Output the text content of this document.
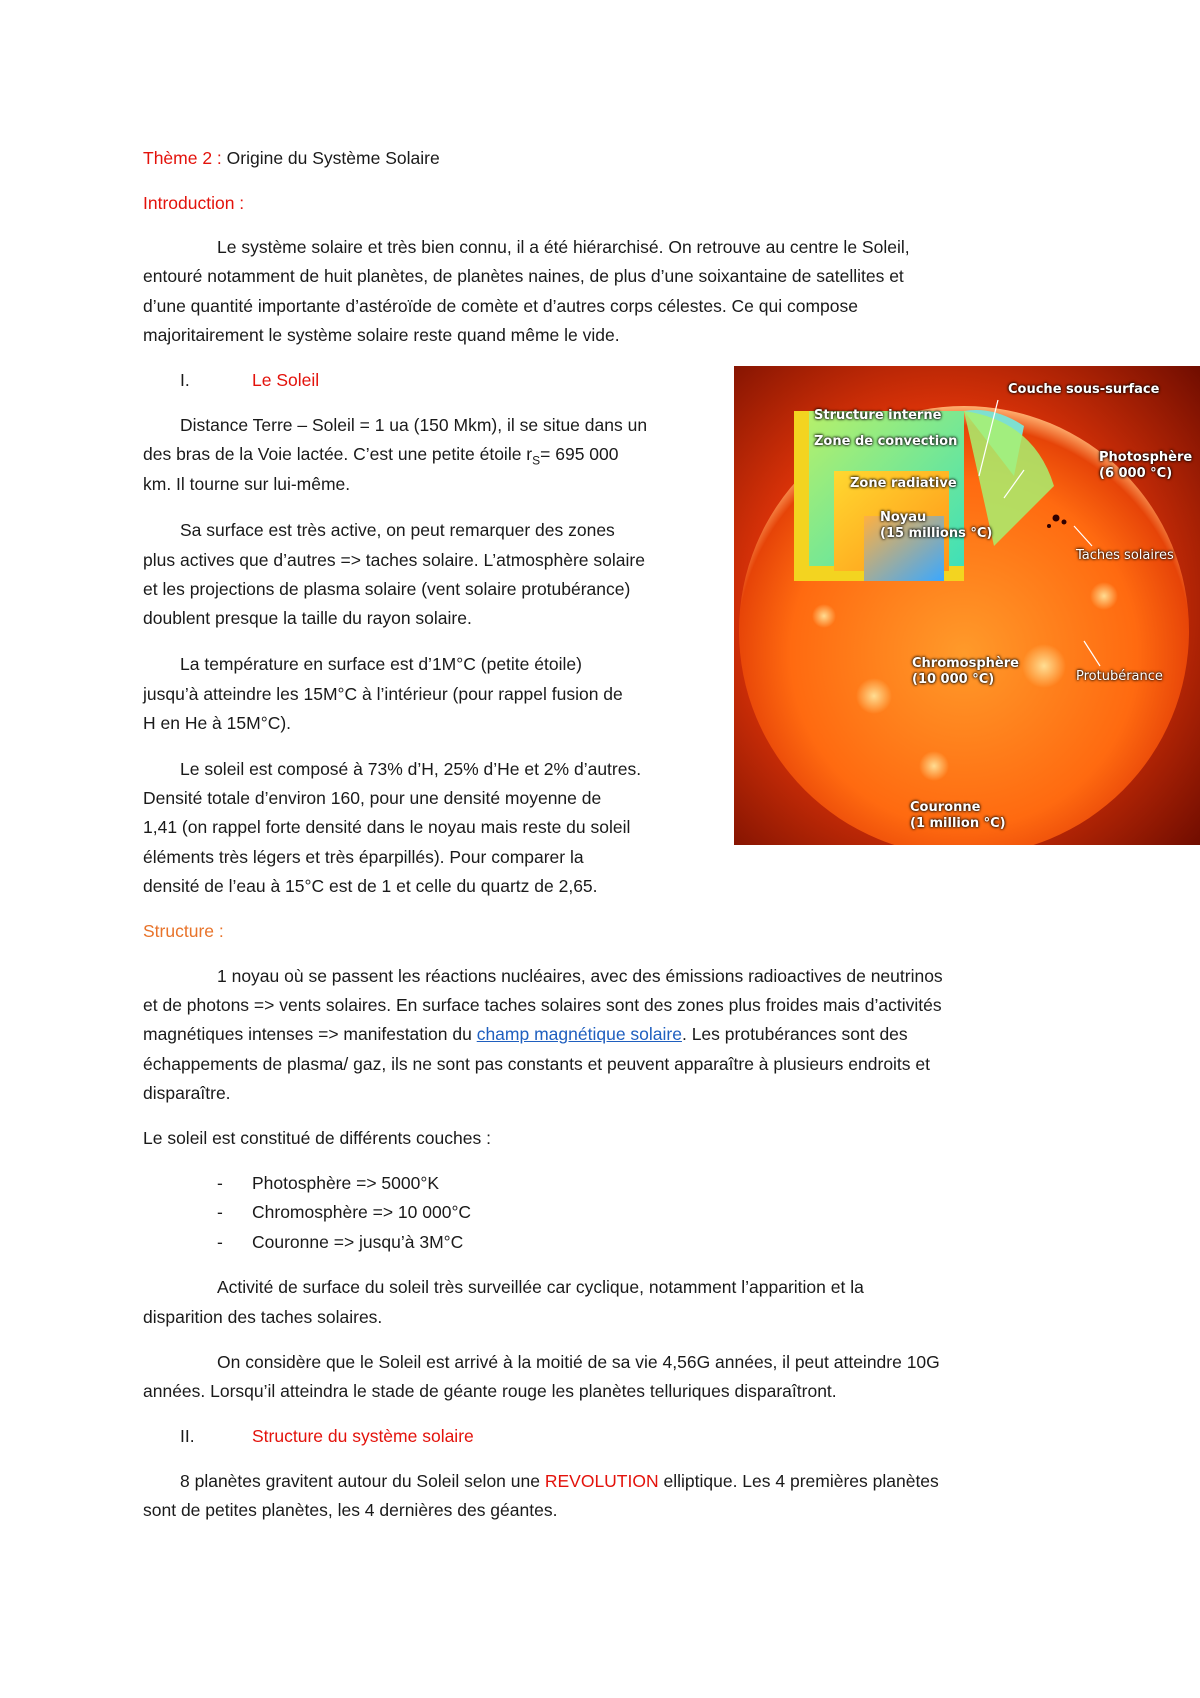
Thème 2 : Origine du Système Solaire
Introduction :
Le système solaire et très bien connu, il a été hiérarchisé. On retrouve au centre le Soleil,
entouré notamment de huit planètes, de planètes naines, de plus d’une soixantaine de satellites et
d’une quantité importante d’astéroïde de comète et d’autres corps célestes. Ce qui compose
majoritairement le système solaire reste quand même le vide.
I.	Le Soleil
Distance Terre – Soleil = 1 ua (150 Mkm), il se situe dans un
des bras de la Voie lactée. C’est une petite étoile $r_S= 695$ 000
km. Il tourne sur lui-même.
Sa surface est très active, on peut remarquer des zones
plus actives que d’autres => taches solaire. L’atmosphère solaire
et les projections de plasma solaire (vent solaire protubérance)
doublent presque la taille du rayon solaire.
La température en surface est d’1M°C (petite étoile)
jusqu’à atteindre les 15M°C à l’intérieur (pour rappel fusion de
H en He à 15M°C).
Le soleil est composé à 73% d’H, 25% d’He et 2% d’autres.
Densité totale d’environ 160, pour une densité moyenne de
1,41 (on rappel forte densité dans le noyau mais reste du soleil
éléments très légers et très éparpillés). Pour comparer la
densité de l’eau à 15°C est de 1 et celle du quartz de 2,65.
Couche sous-surface
Structure interne
Zone de convection
Zone radiative
Noyau
(15 millions °C)
Photosphère
(6 000 °C)
Taches solaires
Chromosphère
(10 000 °C)	Protubérance
Couronne
(1 million °C)
Structure :
1 noyau où se passent les réactions nucléaires, avec des émissions radioactives de neutrinos
et de photons => vents solaires. En surface taches solaires sont des zones plus froides mais d’activités
magnétiques intenses => manifestation du champ magnétique solaire. Les protubérances sont des
échappements de plasma/ gaz, ils ne sont pas constants et peuvent apparaître à plusieurs endroits et
disparaître.
Le soleil est constitué de différents couches :
- Photosphère => 5000°K
- Chromosphère => 10 000°C
- Couronne => jusqu’à 3M°C
Activité de surface du soleil très surveillée car cyclique, notamment l’apparition et la
disparition des taches solaires.
On considère que le Soleil est arrivé à la moitié de sa vie 4,56G années, il peut atteindre 10G
années. Lorsqu’il atteindra le stade de géante rouge les planètes telluriques disparaîtront.
II.	Structure du système solaire
8 planètes gravitent autour du Soleil selon une REVOLUTION elliptique. Les 4 premières planètes
sont de petites planètes, les 4 dernières des géantes.
